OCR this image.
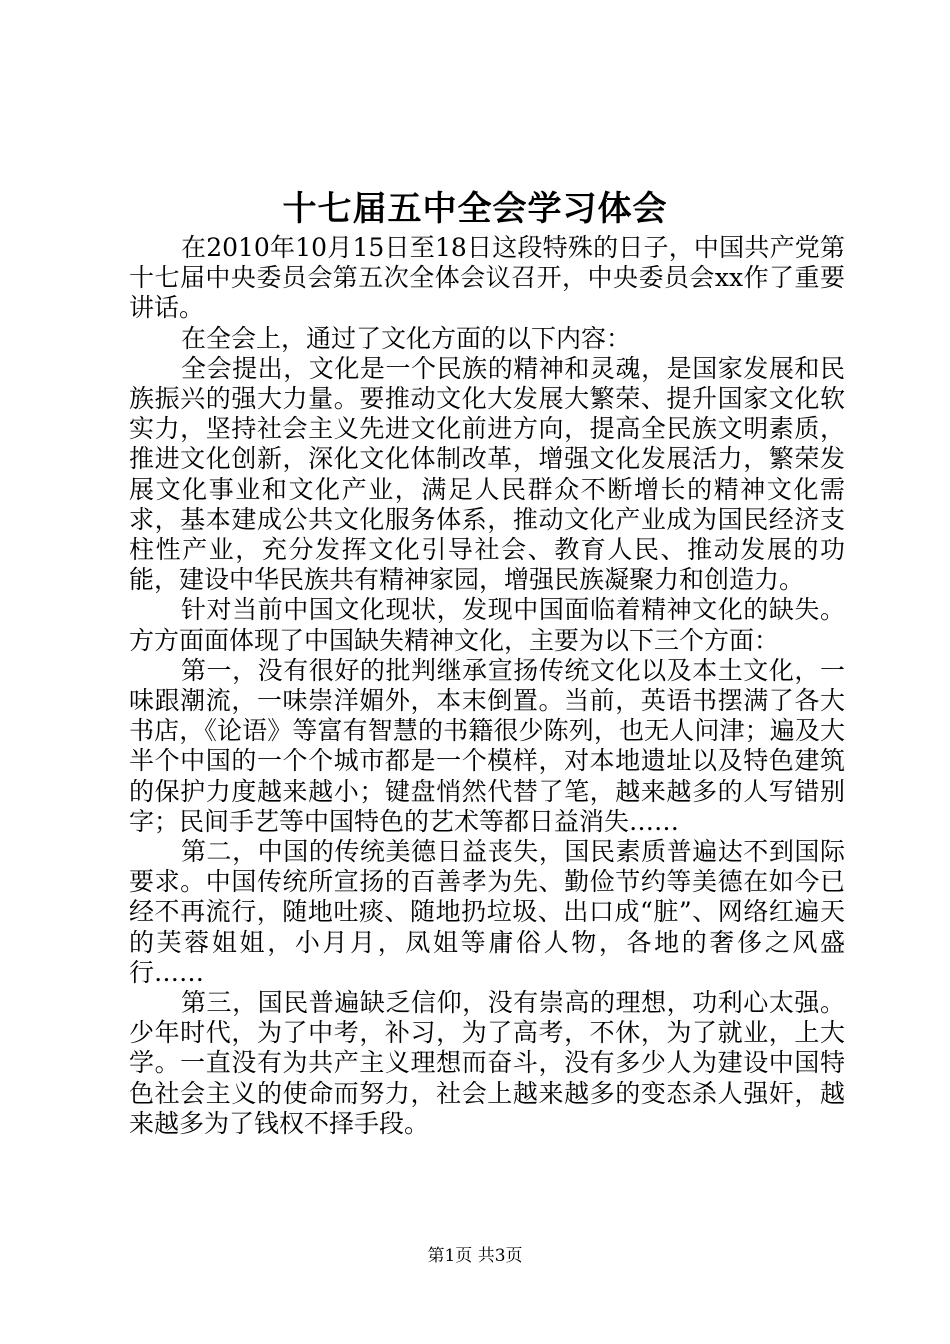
十七届五中全会学习体会

在2010年10月15日至18日这段特殊的日子，中国共产党第十七届中央委员会第五次全体会议召开，中央委员会xx作了重要讲话。

在全会上，通过了文化方面的以下内容：

全会提出，文化是一个民族的精神和灵魂，是国家发展和民族振兴的强大力量。要推动文化大发展大繁荣、提升国家文化软实力，坚持社会主义先进文化前进方向，提高全民族文明素质，推进文化创新，深化文化体制改革，增强文化发展活力，繁荣发展文化事业和文化产业，满足人民群众不断增长的精神文化需求，基本建成公共文化服务体系，推动文化产业成为国民经济支柱性产业，充分发挥文化引导社会、教育人民、推动发展的功能，建设中华民族共有精神家园，增强民族凝聚力和创造力。

针对当前中国文化现状，发现中国面临着精神文化的缺失。方方面面体现了中国缺失精神文化，主要为以下三个方面：

第一，没有很好的批判继承宣扬传统文化以及本土文化，一味跟潮流，一味崇洋媚外，本末倒置。当前，英语书摆满了各大书店，《论语》等富有智慧的书籍很少陈列，也无人问津；遍及大半个中国的一个个城市都是一个模样，对本地遗址以及特色建筑的保护力度越来越小；键盘悄然代替了笔，越来越多的人写错别字；民间手艺等中国特色的艺术等都日益消失……

第二，中国的传统美德日益丧失，国民素质普遍达不到国际要求。中国传统所宣扬的百善孝为先、勤俭节约等美德在如今已经不再流行，随地吐痰、随地扔垃圾、出口成“脏”、网络红遍天的芙蓉姐姐，小月月，凤姐等庸俗人物，各地的奢侈之风盛行……

第三，国民普遍缺乏信仰，没有崇高的理想，功利心太强。少年时代，为了中考，补习，为了高考，不休，为了就业，上大学。一直没有为共产主义理想而奋斗，没有多少人为建设中国特色社会主义的使命而努力，社会上越来越多的变态杀人强奸，越来越多为了钱权不择手段。

第1页 共3页
